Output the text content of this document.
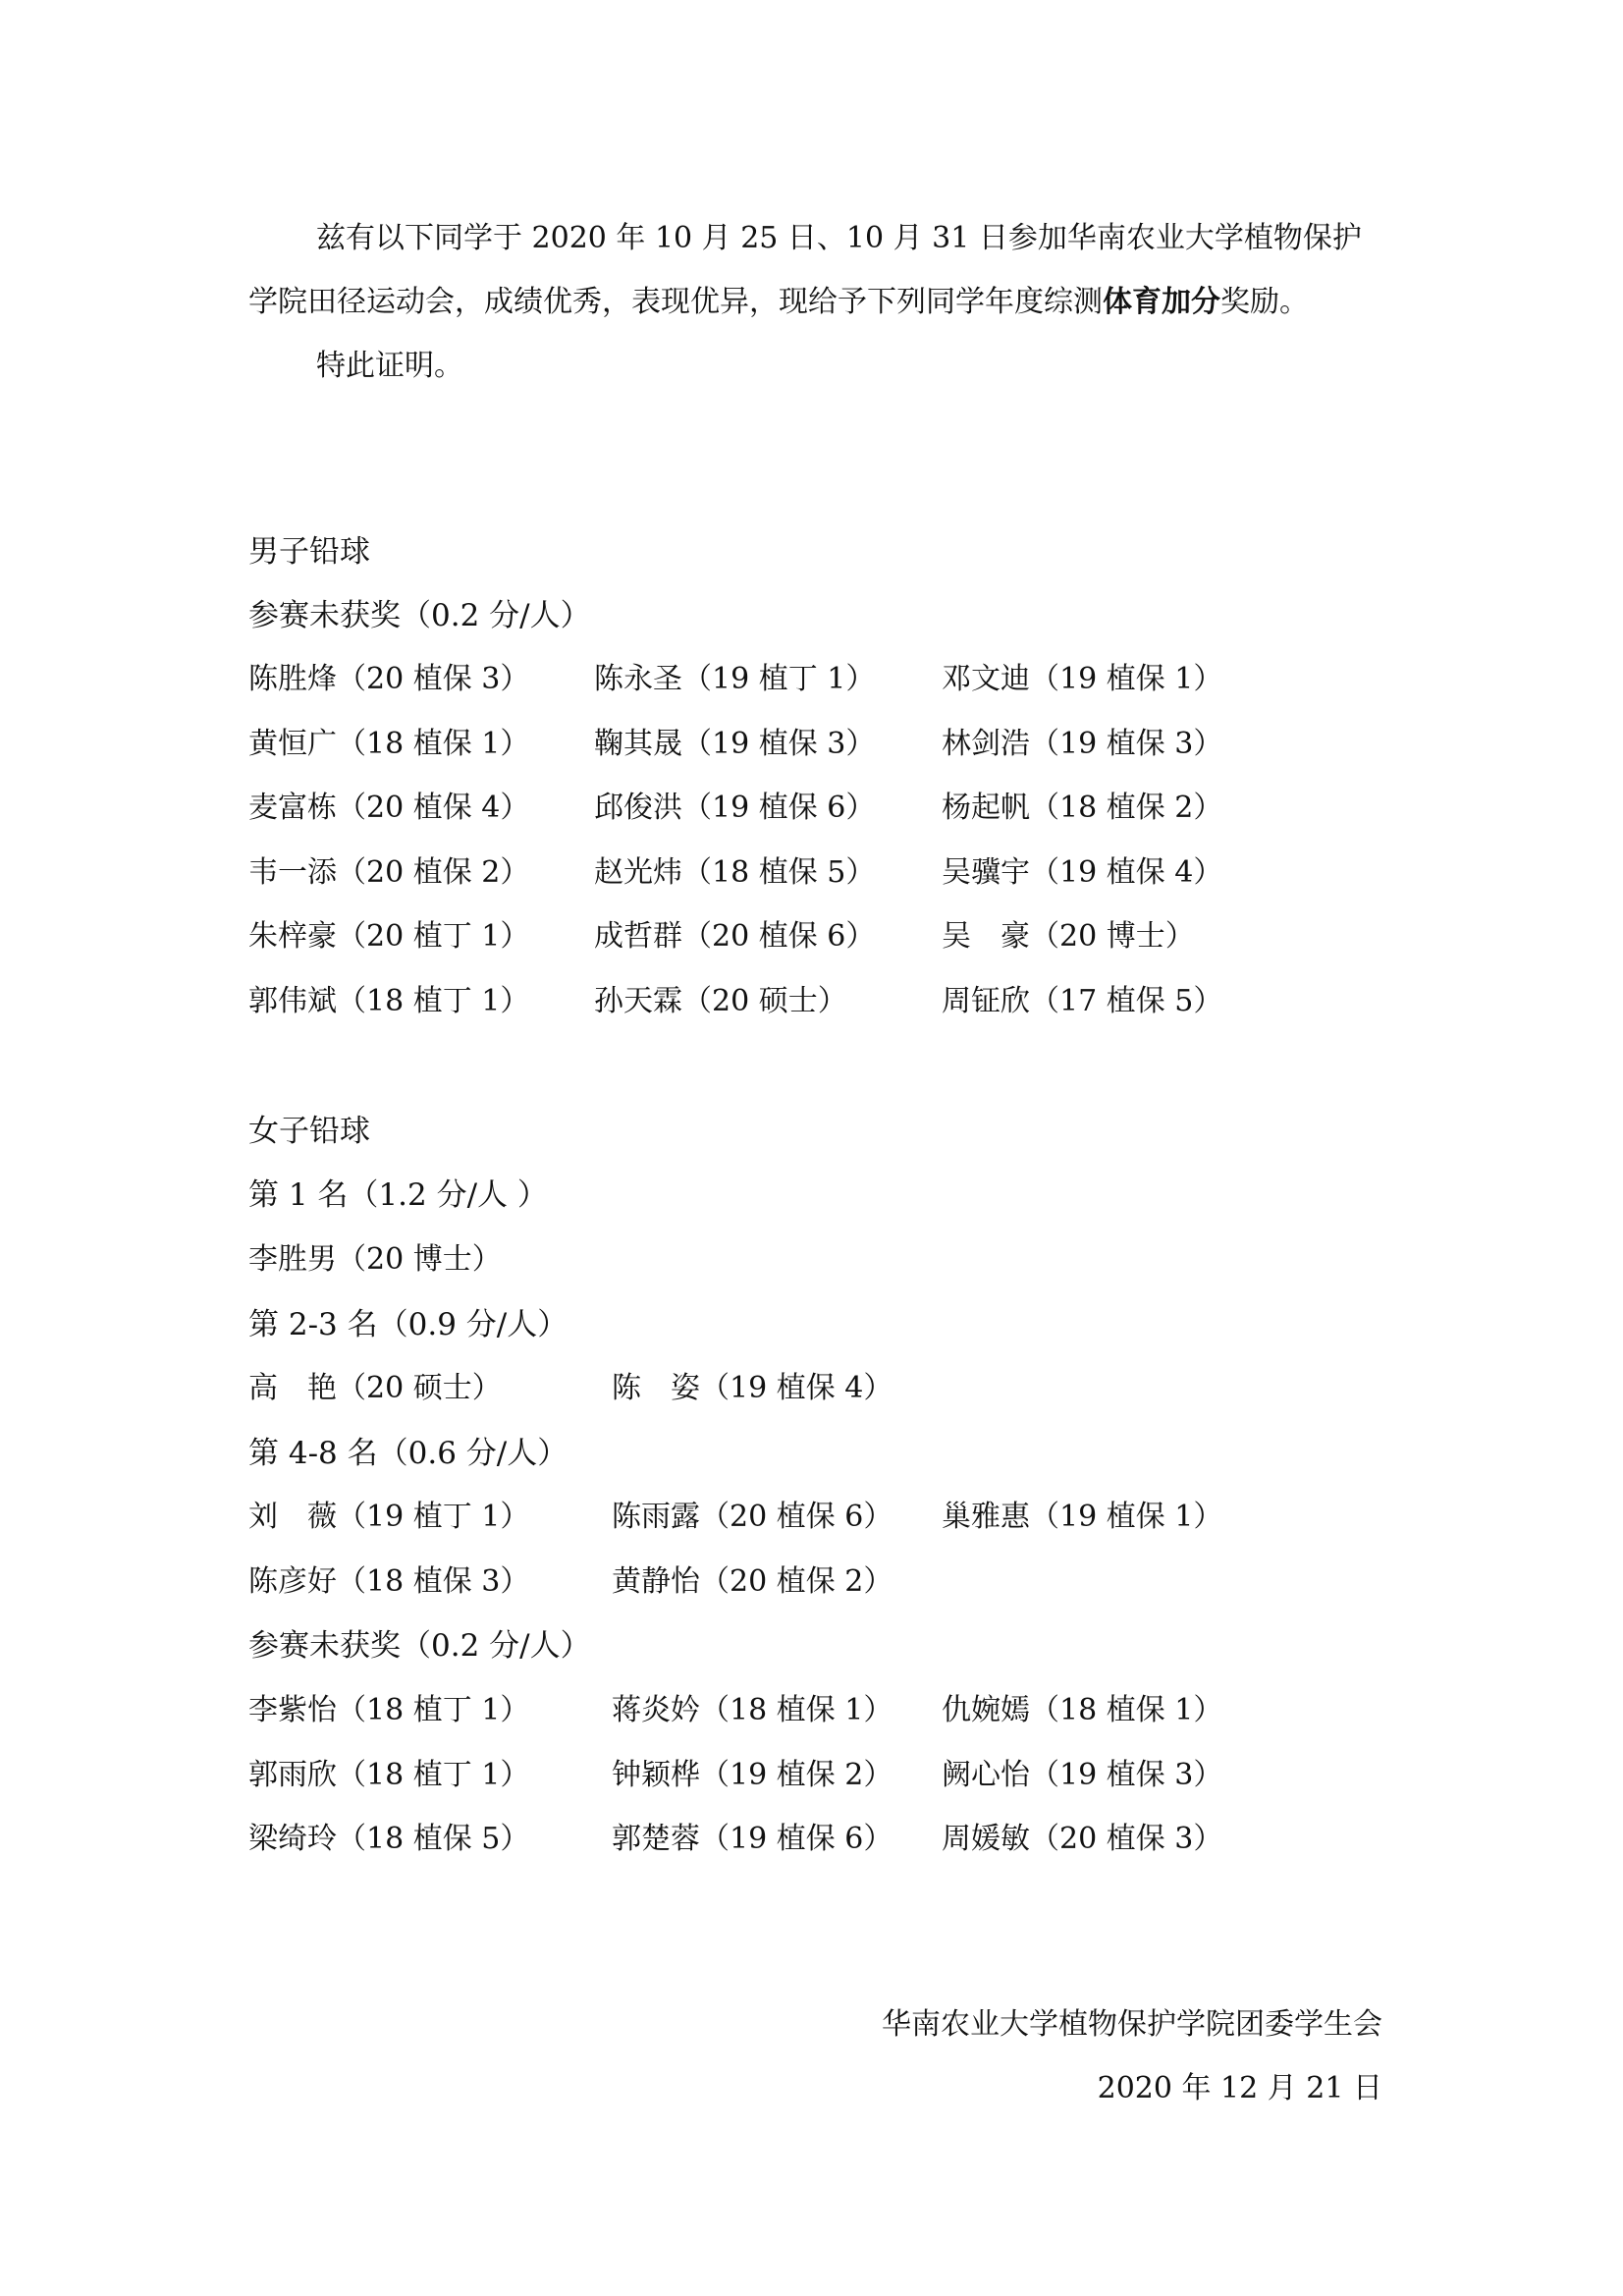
兹有以下同学于 2020 年 10 月 25 日、10 月 31 日参加华南农业大学植物保护学院田径运动会，成绩优秀，表现优异，现给予下列同学年度综测体育加分奖励。

特此证明。

男子铅球
参赛未获奖（0.2 分/人）
陈胜烽（20 植保 3） 陈永圣（19 植丁 1） 邓文迪（19 植保 1）
黄恒广（18 植保 1） 鞠其晟（19 植保 3） 林剑浩（19 植保 3）
麦富栋（20 植保 4） 邱俊洪（19 植保 6） 杨起帆（18 植保 2）
韦一添（20 植保 2） 赵光炜（18 植保 5） 吴骥宇（19 植保 4）
朱梓豪（20 植丁 1） 成哲群（20 植保 6） 吴　豪（20 博士）
郭伟斌（18 植丁 1） 孙天霖（20 硕士）	周钲欣（17 植保 5）
女子铅球
第 1 名（1.2 分/人 ）
李胜男（20 博士）
第 2-3 名（0.9 分/人）
高　艳（20 硕士）	陈　姿（19 植保 4）
第 4-8 名（0.6 分/人）
刘　薇（19 植丁 1）	陈雨露（20 植保 6） 巢雅惠（19 植保 1）
陈彦好（18 植保 3）	黄静怡（20 植保 2）
参赛未获奖（0.2 分/人）
李紫怡（18 植丁 1）	蒋炎妗（18 植保 1） 仇婉嫣（18 植保 1）
郭雨欣（18 植丁 1）	钟颖桦（19 植保 2） 阙心怡（19 植保 3）
梁绮玲（18 植保 5）	郭楚蓉（19 植保 6） 周媛敏（20 植保 3）
华南农业大学植物保护学院团委学生会
2020 年 12 月 21 日
